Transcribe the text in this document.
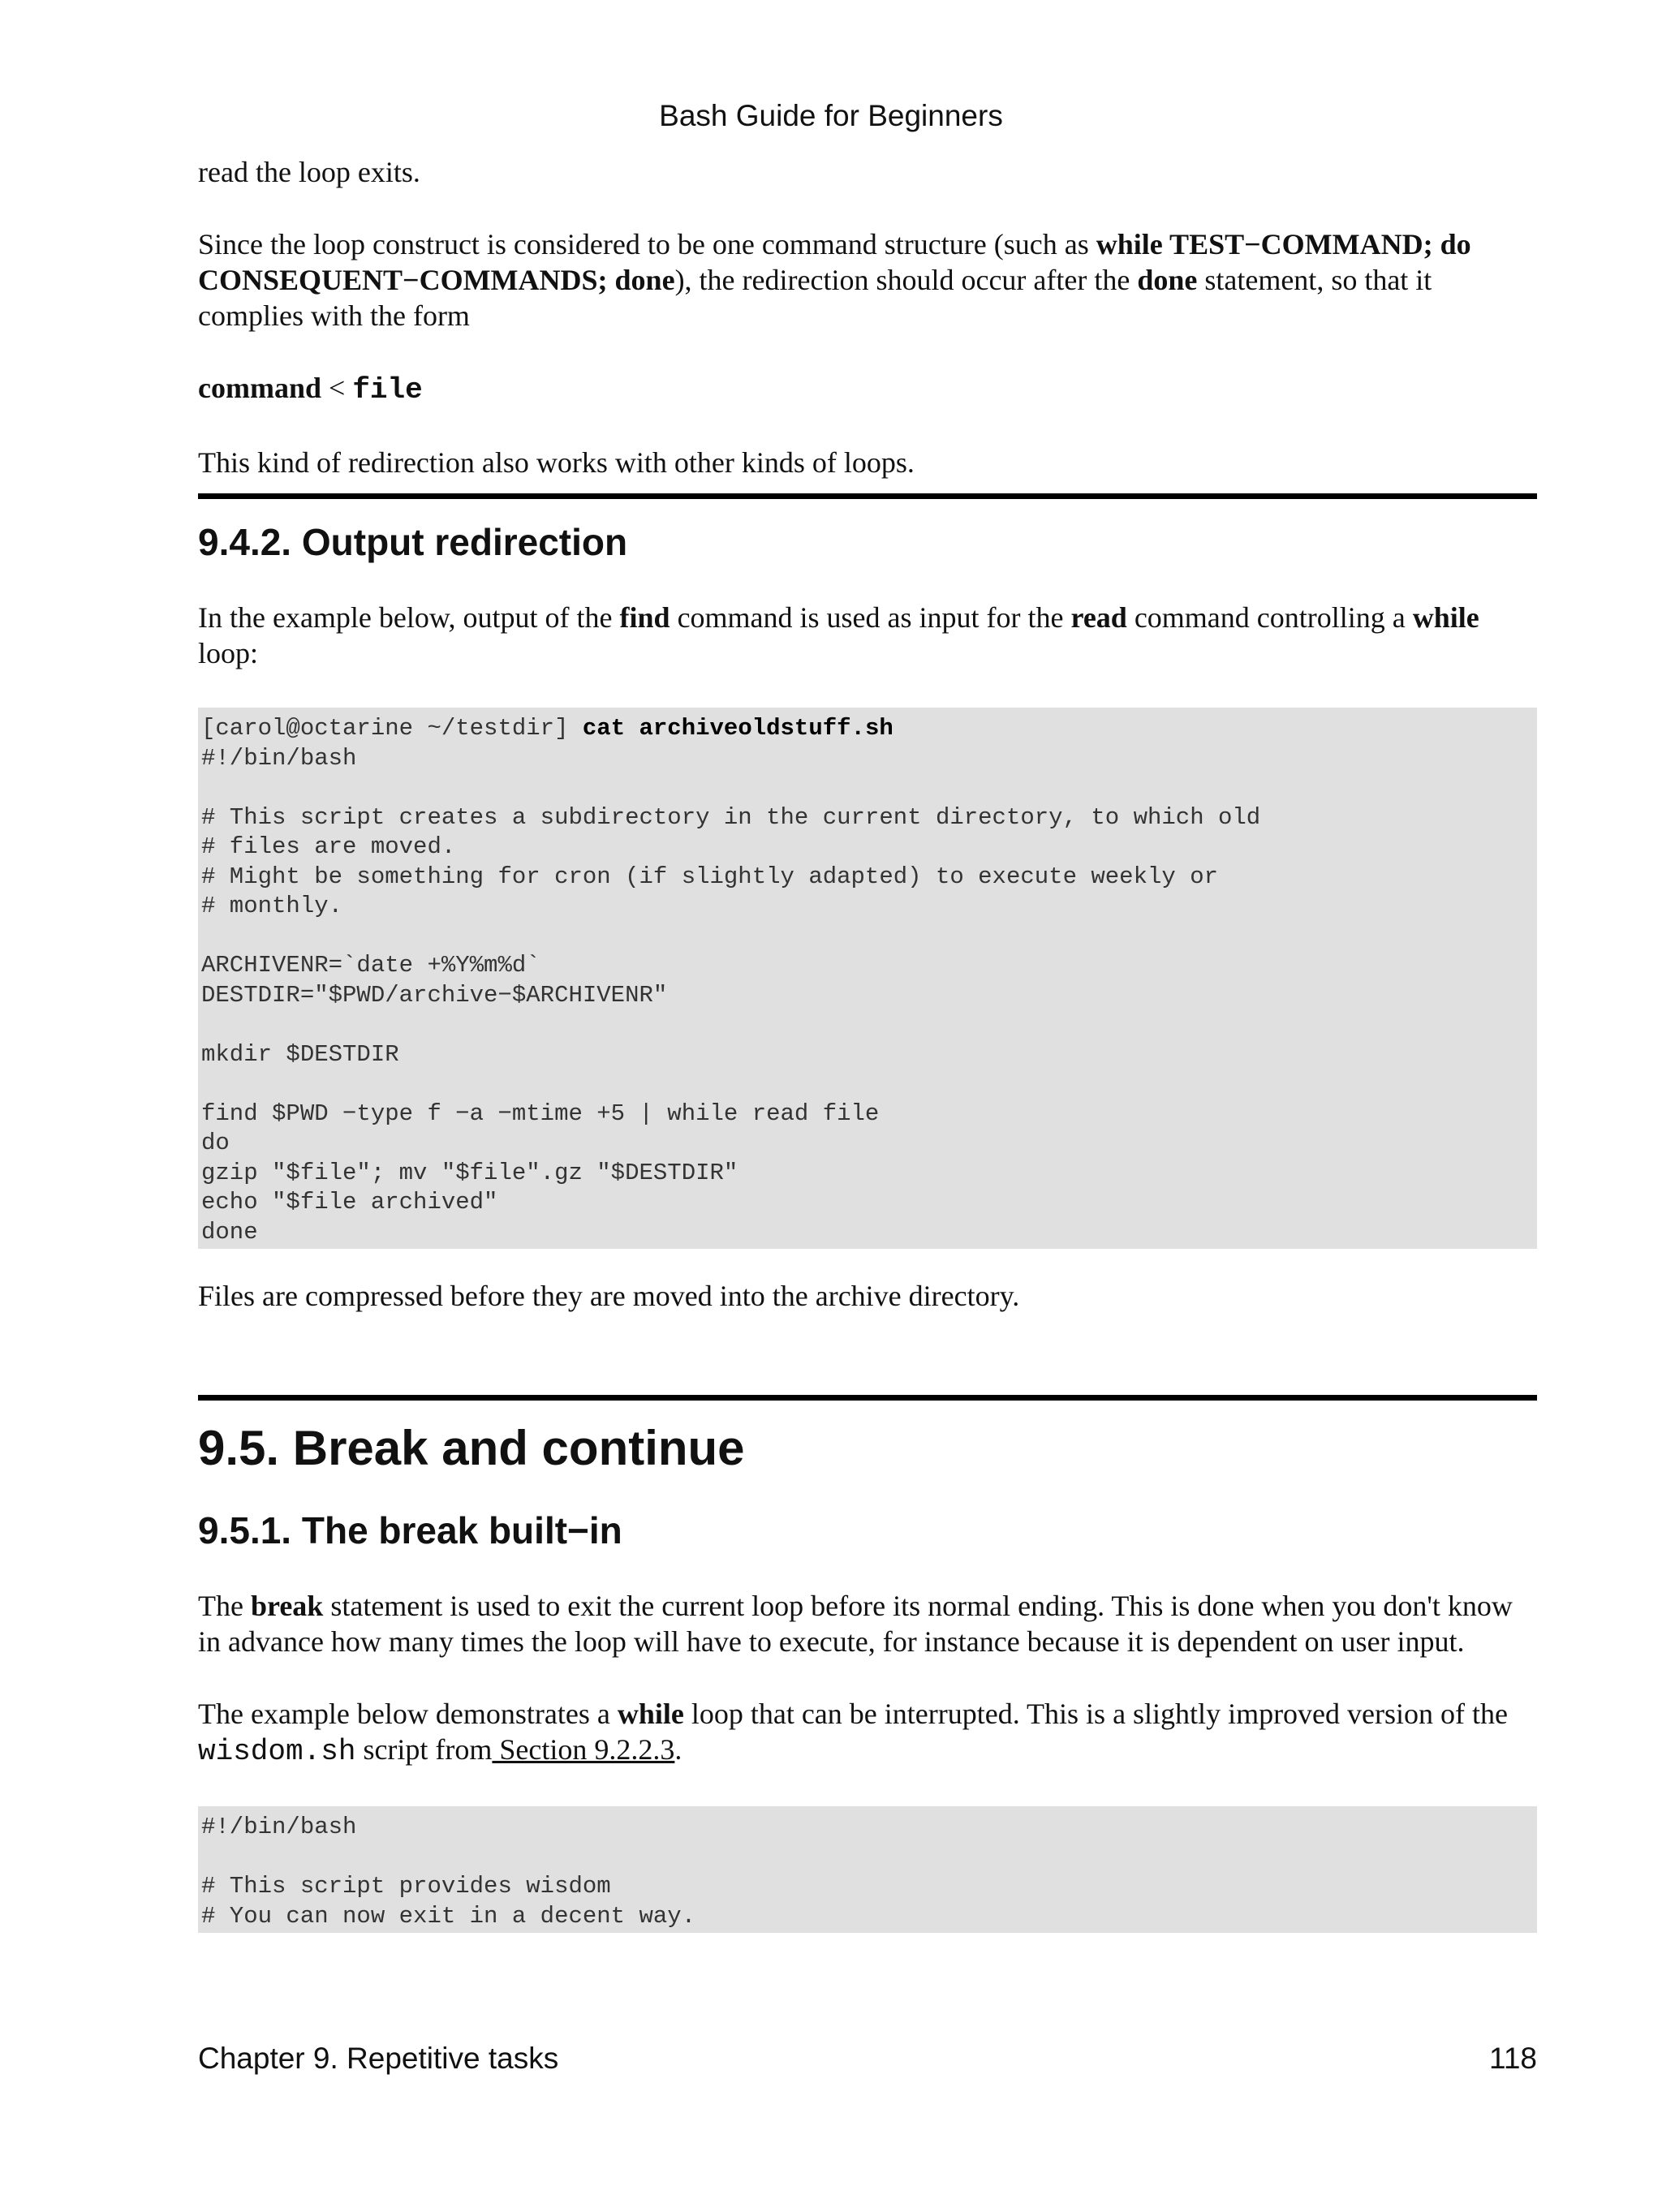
Bash Guide for Beginners

read the loop exits.

Since the loop construct is considered to be one command structure (such as while TEST−COMMAND; do CONSEQUENT−COMMANDS; done), the redirection should occur after the done statement, so that it complies with the form

command < file

This kind of redirection also works with other kinds of loops.

9.4.2. Output redirection

In the example below, output of the find command is used as input for the read command controlling a while loop:

[carol@octarine ~/testdir] cat archiveoldstuff.sh
#!/bin/bash
# This script creates a subdirectory in the current directory, to which old
# files are moved.
# Might be something for cron (if slightly adapted) to execute weekly or
# monthly.
ARCHIVENR=`date +%Y%m%d`
DESTDIR="$PWD/archive−$ARCHIVENR"
mkdir $DESTDIR
find $PWD −type f −a −mtime +5 | while read file
do
gzip "$file"; mv "$file".gz "$DESTDIR"
echo "$file archived"
done

Files are compressed before they are moved into the archive directory.

9.5. Break and continue
9.5.1. The break built−in

The break statement is used to exit the current loop before its normal ending. This is done when you don't know in advance how many times the loop will have to execute, for instance because it is dependent on user input.

The example below demonstrates a while loop that can be interrupted. This is a slightly improved version of the wisdom.sh script from Section 9.2.2.3.

#!/bin/bash
# This script provides wisdom
# You can now exit in a decent way.
Chapter 9. Repetitive tasks	118
